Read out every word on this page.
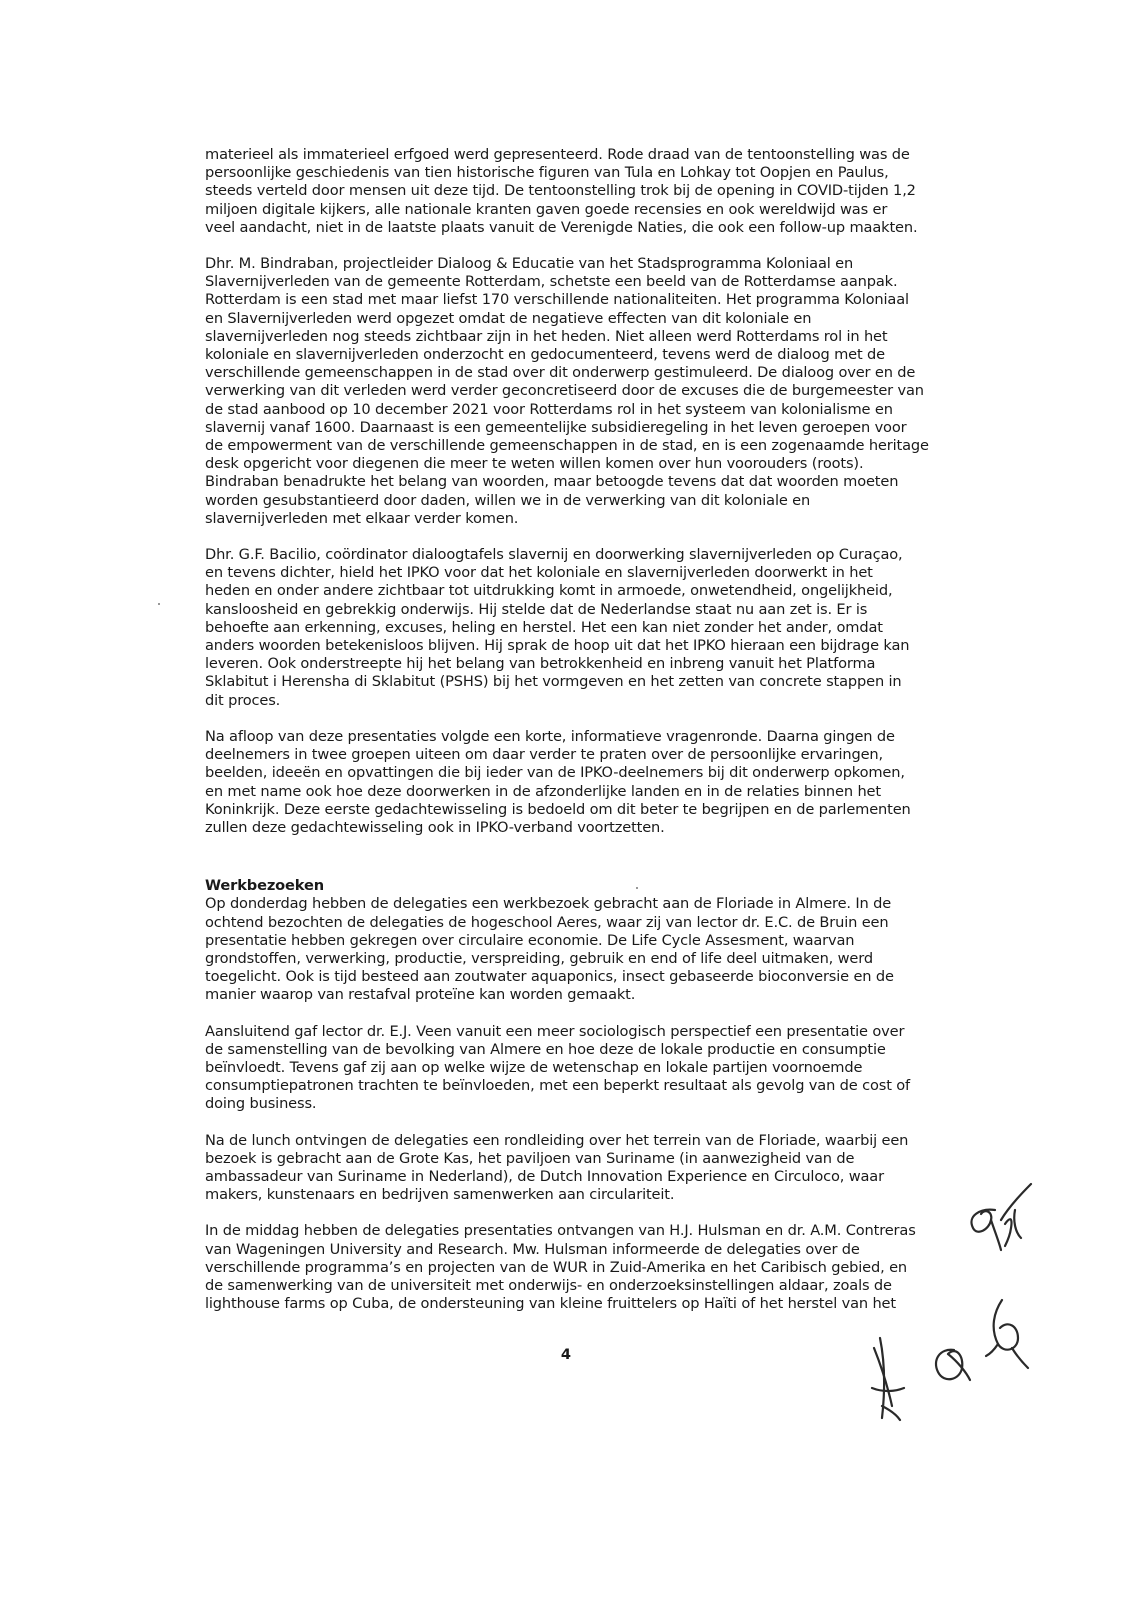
materieel als immaterieel erfgoed werd gepresenteerd. Rode draad van de tentoonstelling was de
persoonlijke geschiedenis van tien historische figuren van Tula en Lohkay tot Oopjen en Paulus,
steeds verteld door mensen uit deze tijd. De tentoonstelling trok bij de opening in COVID-tijden 1,2
miljoen digitale kijkers, alle nationale kranten gaven goede recensies en ook wereldwijd was er
veel aandacht, niet in de laatste plaats vanuit de Verenigde Naties, die ook een follow-up maakten.
Dhr. M. Bindraban, projectleider Dialoog & Educatie van het Stadsprogramma Koloniaal en
Slavernijverleden van de gemeente Rotterdam, schetste een beeld van de Rotterdamse aanpak.
Rotterdam is een stad met maar liefst 170 verschillende nationaliteiten. Het programma Koloniaal
en Slavernijverleden werd opgezet omdat de negatieve effecten van dit koloniale en
slavernijverleden nog steeds zichtbaar zijn in het heden. Niet alleen werd Rotterdams rol in het
koloniale en slavernijverleden onderzocht en gedocumenteerd, tevens werd de dialoog met de
verschillende gemeenschappen in de stad over dit onderwerp gestimuleerd. De dialoog over en de
verwerking van dit verleden werd verder geconcretiseerd door de excuses die de burgemeester van
de stad aanbood op 10 december 2021 voor Rotterdams rol in het systeem van kolonialisme en
slavernij vanaf 1600. Daarnaast is een gemeentelijke subsidieregeling in het leven geroepen voor
de empowerment van de verschillende gemeenschappen in de stad, en is een zogenaamde heritage
desk opgericht voor diegenen die meer te weten willen komen over hun voorouders (roots).
Bindraban benadrukte het belang van woorden, maar betoogde tevens dat dat woorden moeten
worden gesubstantieerd door daden, willen we in de verwerking van dit koloniale en
slavernijverleden met elkaar verder komen.
Dhr. G.F. Bacilio, coördinator dialoogtafels slavernij en doorwerking slavernijverleden op Curaçao,
en tevens dichter, hield het IPKO voor dat het koloniale en slavernijverleden doorwerkt in het
heden en onder andere zichtbaar tot uitdrukking komt in armoede, onwetendheid, ongelijkheid,
kansloosheid en gebrekkig onderwijs. Hij stelde dat de Nederlandse staat nu aan zet is. Er is
behoefte aan erkenning, excuses, heling en herstel. Het een kan niet zonder het ander, omdat
anders woorden betekenisloos blijven. Hij sprak de hoop uit dat het IPKO hieraan een bijdrage kan
leveren. Ook onderstreepte hij het belang van betrokkenheid en inbreng vanuit het Platforma
Sklabitut i Herensha di Sklabitut (PSHS) bij het vormgeven en het zetten van concrete stappen in
dit proces.
Na afloop van deze presentaties volgde een korte, informatieve vragenronde. Daarna gingen de
deelnemers in twee groepen uiteen om daar verder te praten over de persoonlijke ervaringen,
beelden, ideeën en opvattingen die bij ieder van de IPKO-deelnemers bij dit onderwerp opkomen,
en met name ook hoe deze doorwerken in de afzonderlijke landen en in de relaties binnen het
Koninkrijk. Deze eerste gedachtewisseling is bedoeld om dit beter te begrijpen en de parlementen
zullen deze gedachtewisseling ook in IPKO-verband voortzetten.
Werkbezoeken
Op donderdag hebben de delegaties een werkbezoek gebracht aan de Floriade in Almere. In de
ochtend bezochten de delegaties de hogeschool Aeres, waar zij van lector dr. E.C. de Bruin een
presentatie hebben gekregen over circulaire economie. De Life Cycle Assesment, waarvan
grondstoffen, verwerking, productie, verspreiding, gebruik en end of life deel uitmaken, werd
toegelicht. Ook is tijd besteed aan zoutwater aquaponics, insect gebaseerde bioconversie en de
manier waarop van restafval proteïne kan worden gemaakt.
Aansluitend gaf lector dr. E.J. Veen vanuit een meer sociologisch perspectief een presentatie over
de samenstelling van de bevolking van Almere en hoe deze de lokale productie en consumptie
beïnvloedt. Tevens gaf zij aan op welke wijze de wetenschap en lokale partijen voornoemde
consumptiepatronen trachten te beïnvloeden, met een beperkt resultaat als gevolg van de cost of
doing business.
Na de lunch ontvingen de delegaties een rondleiding over het terrein van de Floriade, waarbij een
bezoek is gebracht aan de Grote Kas, het paviljoen van Suriname (in aanwezigheid van de
ambassadeur van Suriname in Nederland), de Dutch Innovation Experience en Circuloco, waar
makers, kunstenaars en bedrijven samenwerken aan circulariteit.
In de middag hebben de delegaties presentaties ontvangen van H.J. Hulsman en dr. A.M. Contreras
van Wageningen University and Research. Mw. Hulsman informeerde de delegaties over de
verschillende programma’s en projecten van de WUR in Zuid-Amerika en het Caribisch gebied, en
de samenwerking van de universiteit met onderwijs- en onderzoeksinstellingen aldaar, zoals de
lighthouse farms op Cuba, de ondersteuning van kleine fruittelers op Haïti of het herstel van het
4
